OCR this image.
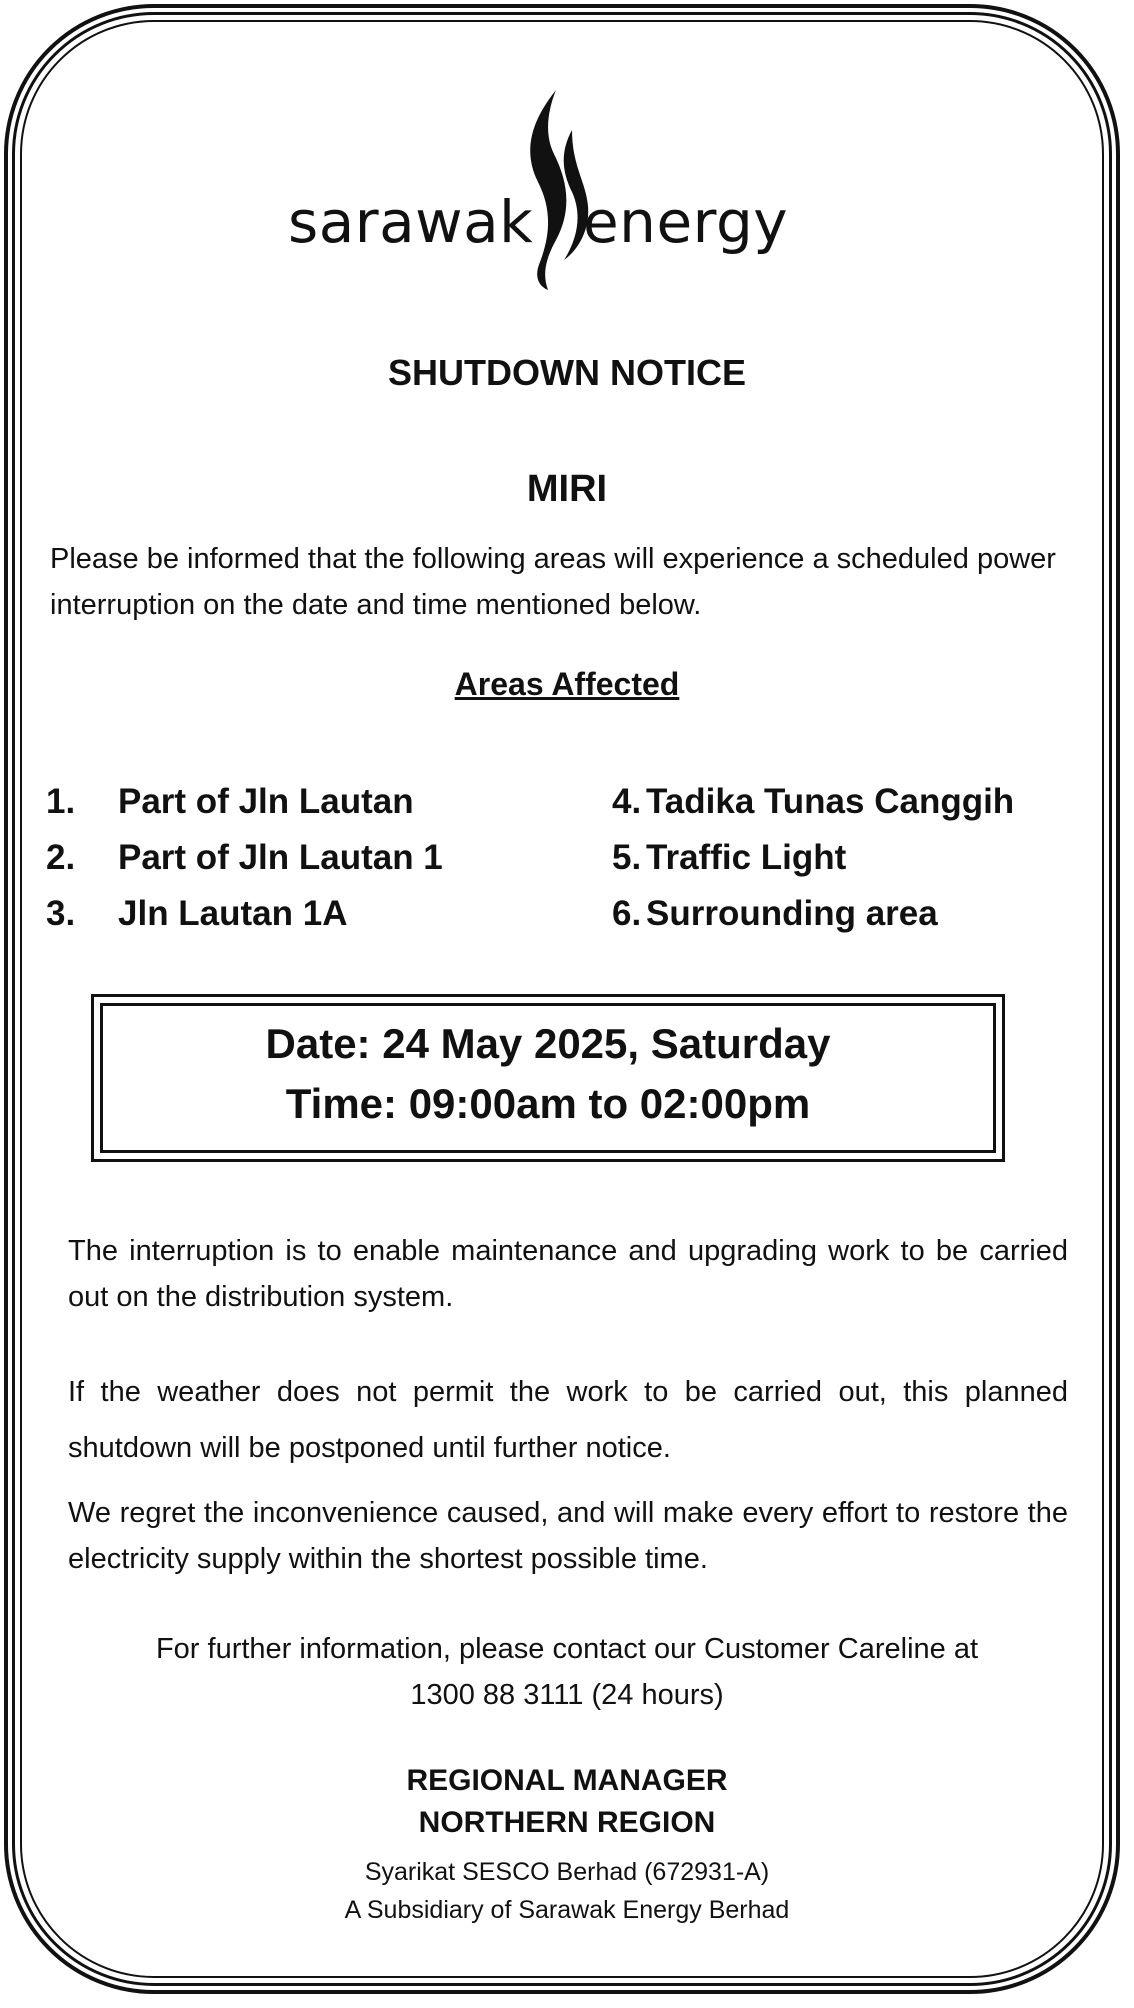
sarawak energy
SHUTDOWN NOTICE
MIRI
Please be informed that the following areas will experience a scheduled power interruption on the date and time mentioned below.
Areas Affected
1. Part of Jln Lautan
2. Part of Jln Lautan 1
3. Jln Lautan 1A
4. Tadika Tunas Canggih
5. Traffic Light
6. Surrounding area
Date: 24 May 2025, Saturday
Time: 09:00am to 02:00pm
The interruption is to enable maintenance and upgrading work to be carried out on the distribution system.
If the weather does not permit the work to be carried out, this planned shutdown will be postponed until further notice.
We regret the inconvenience caused, and will make every effort to restore the electricity supply within the shortest possible time.
For further information, please contact our Customer Careline at
1300 88 3111 (24 hours)
REGIONAL MANAGER
NORTHERN REGION
Syarikat SESCO Berhad (672931-A)
A Subsidiary of Sarawak Energy Berhad
